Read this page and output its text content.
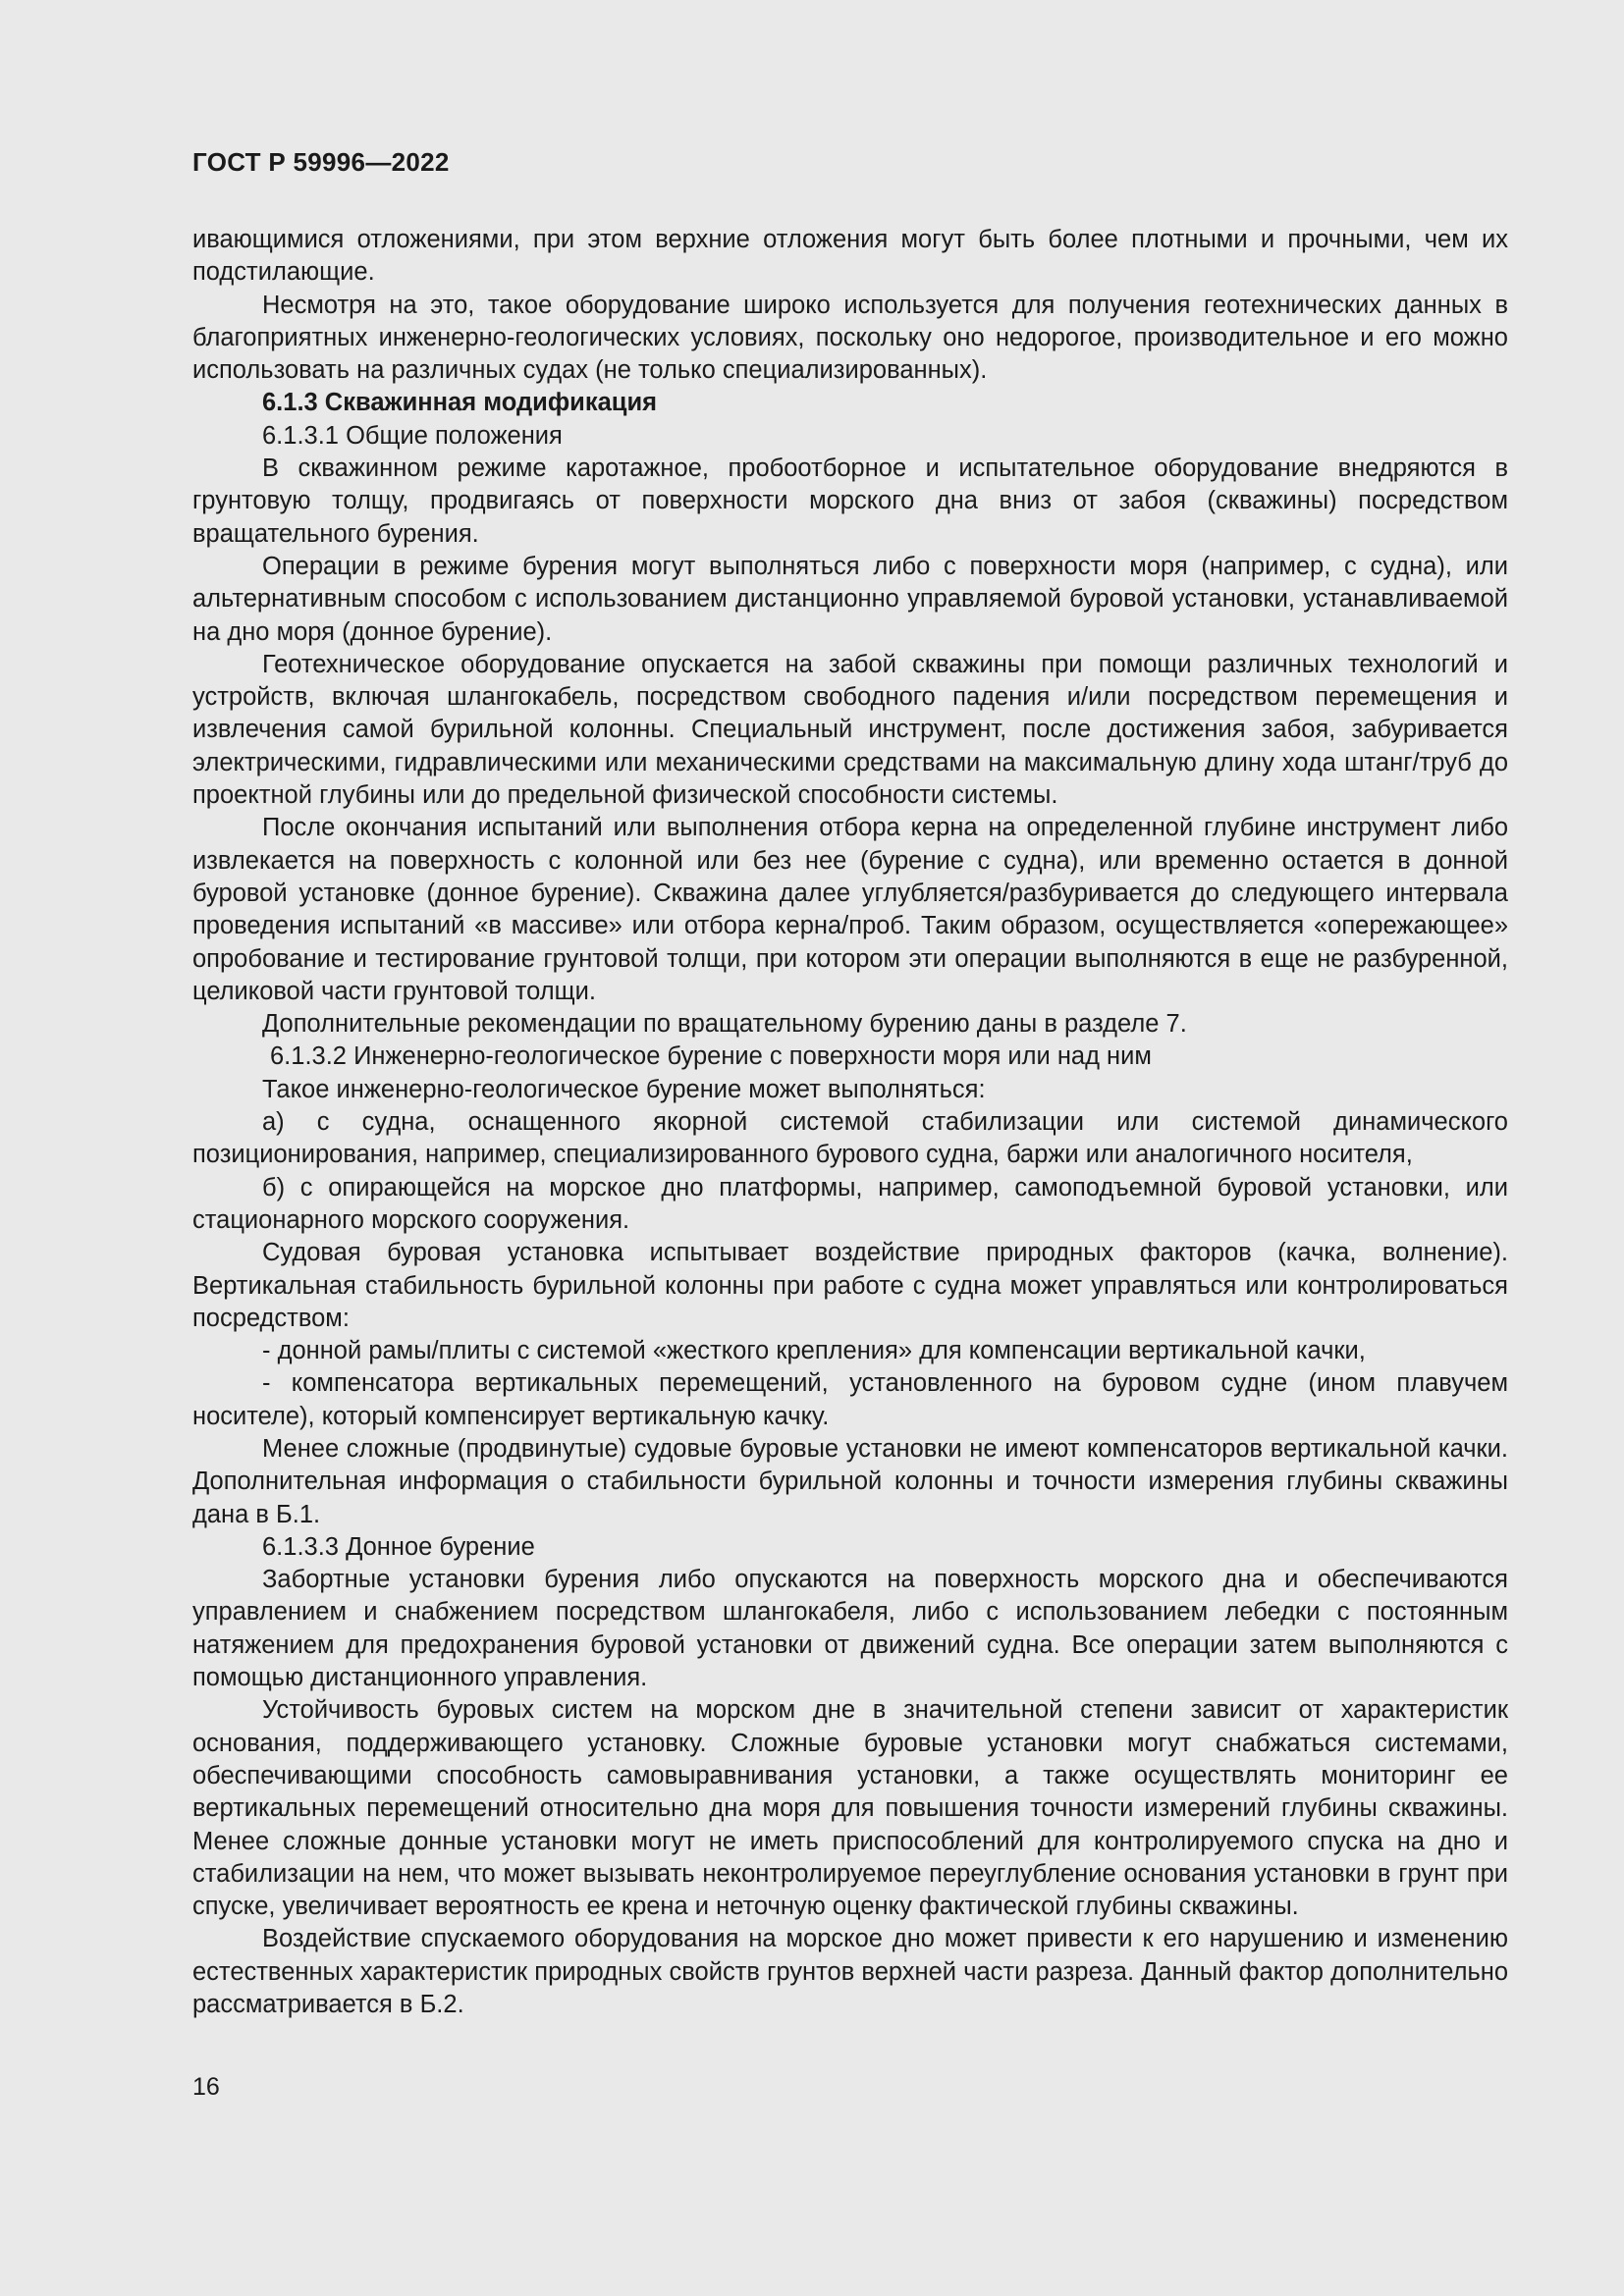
ГОСТ Р 59996—2022

ивающимися отложениями, при этом верхние отложения могут быть более плотными и прочными, чем их подстилающие.

Несмотря на это, такое оборудование широко используется для получения геотехнических данных в благоприятных инженерно-геологических условиях, поскольку оно недорогое, производительное и его можно использовать на различных судах (не только специализированных).

6.1.3 Скважинная модификация

6.1.3.1 Общие положения

В скважинном режиме каротажное, пробоотборное и испытательное оборудование внедряются в грунтовую толщу, продвигаясь от поверхности морского дна вниз от забоя (скважины) посредством вращательного бурения.

Операции в режиме бурения могут выполняться либо с поверхности моря (например, с судна), или альтернативным способом с использованием дистанционно управляемой буровой установки, устанавливаемой на дно моря (донное бурение).

Геотехническое оборудование опускается на забой скважины при помощи различных технологий и устройств, включая шлангокабель, посредством свободного падения и/или посредством перемещения и извлечения самой бурильной колонны. Специальный инструмент, после достижения забоя, забуривается электрическими, гидравлическими или механическими средствами на максимальную длину хода штанг/труб до проектной глубины или до предельной физической способности системы.

После окончания испытаний или выполнения отбора керна на определенной глубине инструмент либо извлекается на поверхность с колонной или без нее (бурение с судна), или временно остается в донной буровой установке (донное бурение). Скважина далее углубляется/разбуривается до следующего интервала проведения испытаний «в массиве» или отбора керна/проб. Таким образом, осуществляется «опережающее» опробование и тестирование грунтовой толщи, при котором эти операции выполняются в еще не разбуренной, целиковой части грунтовой толщи.

Дополнительные рекомендации по вращательному бурению даны в разделе 7.

6.1.3.2 Инженерно-геологическое бурение с поверхности моря или над ним

Такое инженерно-геологическое бурение может выполняться:

а) с судна, оснащенного якорной системой стабилизации или системой динамического позиционирования, например, специализированного бурового судна, баржи или аналогичного носителя,

б) с опирающейся на морское дно платформы, например, самоподъемной буровой установки, или стационарного морского сооружения.

Судовая буровая установка испытывает воздействие природных факторов (качка, волнение). Вертикальная стабильность бурильной колонны при работе с судна может управляться или контролироваться посредством:

- донной рамы/плиты с системой «жесткого крепления» для компенсации вертикальной качки,

- компенсатора вертикальных перемещений, установленного на буровом судне (ином плавучем носителе), который компенсирует вертикальную качку.

Менее сложные (продвинутые) судовые буровые установки не имеют компенсаторов вертикальной качки. Дополнительная информация о стабильности бурильной колонны и точности измерения глубины скважины дана в Б.1.

6.1.3.3 Донное бурение

Забортные установки бурения либо опускаются на поверхность морского дна и обеспечиваются управлением и снабжением посредством шлангокабеля, либо с использованием лебедки с постоянным натяжением для предохранения буровой установки от движений судна. Все операции затем выполняются с помощью дистанционного управления.

Устойчивость буровых систем на морском дне в значительной степени зависит от характеристик основания, поддерживающего установку. Сложные буровые установки могут снабжаться системами, обеспечивающими способность самовыравнивания установки, а также осуществлять мониторинг ее вертикальных перемещений относительно дна моря для повышения точности измерений глубины скважины. Менее сложные донные установки могут не иметь приспособлений для контролируемого спуска на дно и стабилизации на нем, что может вызывать неконтролируемое переуглубление основания установки в грунт при спуске, увеличивает вероятность ее крена и неточную оценку фактической глубины скважины.

Воздействие спускаемого оборудования на морское дно может привести к его нарушению и изменению естественных характеристик природных свойств грунтов верхней части разреза. Данный фактор дополнительно рассматривается в Б.2.

16
